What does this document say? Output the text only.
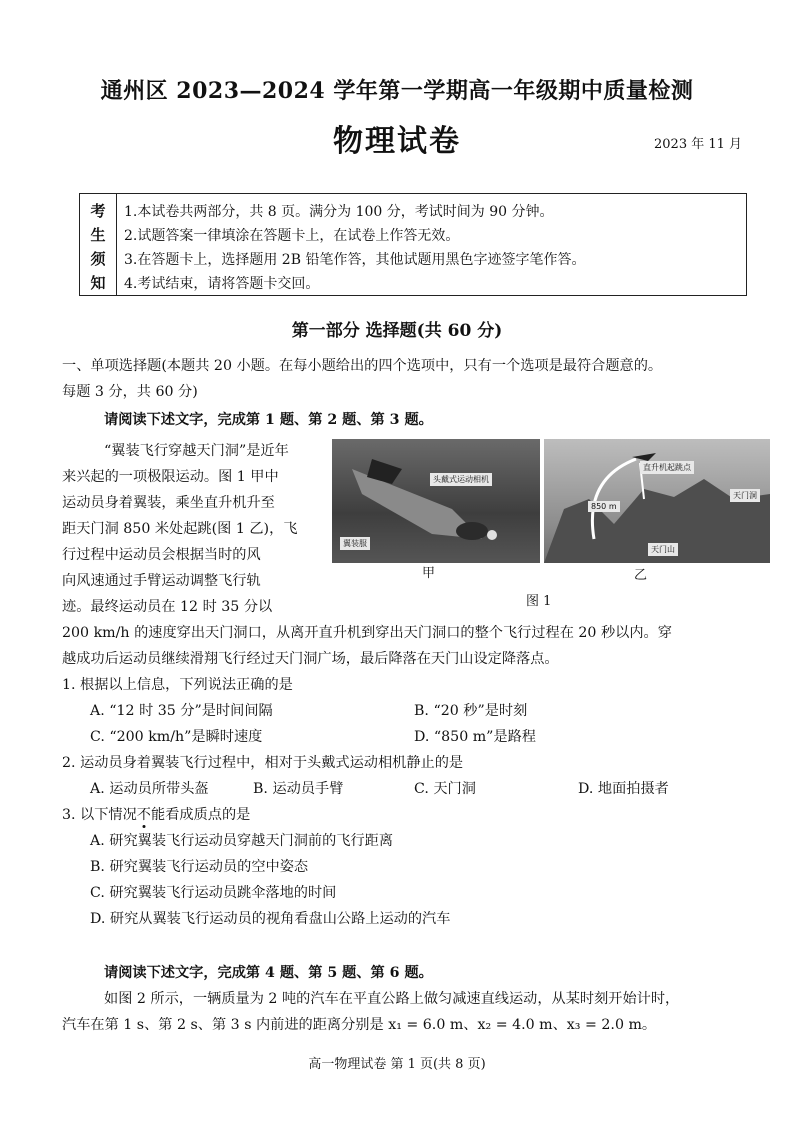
通州区 2023—2024 学年第一学期高一年级期中质量检测
物理试卷	2023 年 11 月
考
生
须
知
1.本试卷共两部分，共 8 页。满分为 100 分，考试时间为 90 分钟。
2.试题答案一律填涂在答题卡上，在试卷上作答无效。
3.在答题卡上，选择题用 2B 铅笔作答，其他试题用黑色字迹签字笔作答。
4.考试结束，请将答题卡交回。
第一部分 选择题(共 60 分)
一、单项选择题(本题共 20 小题。在每小题给出的四个选项中，只有一个选项是最符合题意的。
每题 3 分，共 60 分)
请阅读下述文字，完成第 1 题、第 2 题、第 3 题。
“翼装飞行穿越天门洞”是近年
来兴起的一项极限运动。图 1 甲中
运动员身着翼装，乘坐直升机升至
距天门洞 850 米处起跳(图 1 乙)，飞
行过程中运动员会根据当时的风
向风速通过手臂运动调整飞行轨
迹。最终运动员在 12 时 35 分以
200 km/h 的速度穿出天门洞口，从离开直升机到穿出天门洞口的整个飞行过程在 20 秒以内。穿
越成功后运动员继续滑翔飞行经过天门洞广场，最后降落在天门山设定降落点。
头戴式运动相机
翼装服
直升机起跳点
850 m
天门洞
天门山
甲	乙
图 1
1. 根据以上信息，下列说法正确的是
A. “12 时 35 分”是时间间隔	B. “20 秒”是时刻
C. “200 km/h”是瞬时速度	D. “850 m”是路程
2. 运动员身着翼装飞行过程中，相对于头戴式运动相机静止的是
A. 运动员所带头盔	B. 运动员手臂	C. 天门洞	D. 地面拍摄者
3. 以下情况不能看成质点的是
A. 研究翼装飞行运动员穿越天门洞前的飞行距离
B. 研究翼装飞行运动员的空中姿态
C. 研究翼装飞行运动员跳伞落地的时间
D. 研究从翼装飞行运动员的视角看盘山公路上运动的汽车
请阅读下述文字，完成第 4 题、第 5 题、第 6 题。
如图 2 所示，一辆质量为 2 吨的汽车在平直公路上做匀减速直线运动，从某时刻开始计时，
汽车在第 1 s、第 2 s、第 3 s 内前进的距离分别是 x₁ = 6.0 m、x₂ = 4.0 m、x₃ = 2.0 m。
高一物理试卷 第 1 页(共 8 页)
